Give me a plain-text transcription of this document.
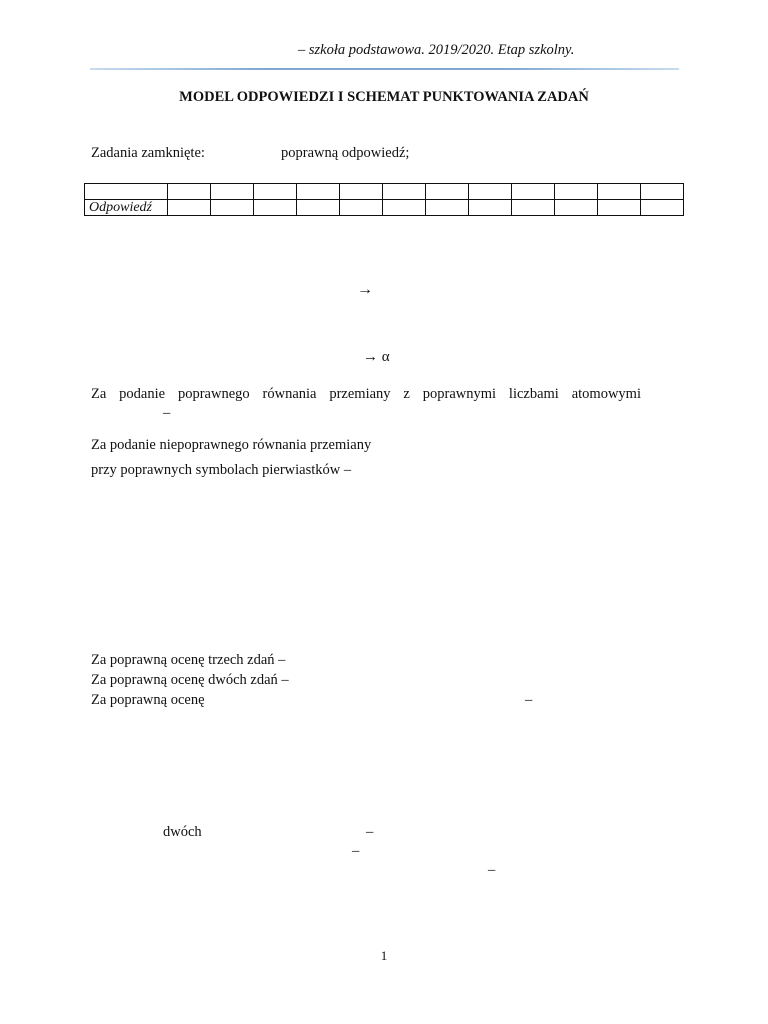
– szkoła podstawowa. 2019/2020. Etap szkolny.
MODEL ODPOWIEDZI I SCHEMAT PUNKTOWANIA ZADAŃ
Zadania zamknięte:	poprawną odpowiedź;

Odpowiedź												
→
→ α
Za podanie poprawnego równania przemiany z poprawnymi liczbami atomowymi
–
Za podanie niepoprawnego równania przemiany
przy poprawnych symbolach pierwiastków –
Za poprawną ocenę trzech zdań –
Za poprawną ocenę dwóch zdań –
Za poprawną ocenę	–
dwóch	–
–
–
1
